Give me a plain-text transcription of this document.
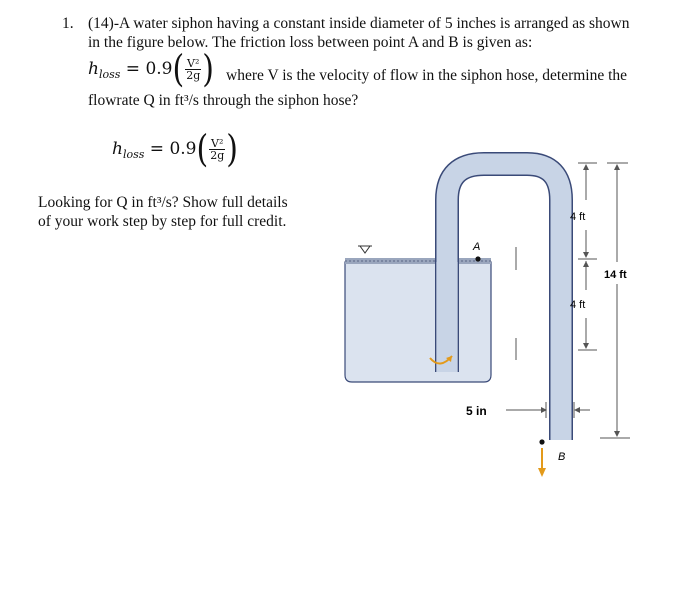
1. (14)-A water siphon having a constant inside diameter of 5 inches is arranged as shown
in the figure below. The friction loss between point A and B is given as:
$h_{loss} = 0.9( \frac{\text{V²}}{2g}$ ) where V is the velocity of flow in the siphon hose, determine the
flowrate Q in ft³/s through the siphon hose?
$h_{loss} = 0.9( \frac{\text{V²}}{2g}$ )
Looking for Q in ft³/s? Show full details
of your work step by step for full credit.
A
B
4 ft
4 ft
14 ft
5 in
